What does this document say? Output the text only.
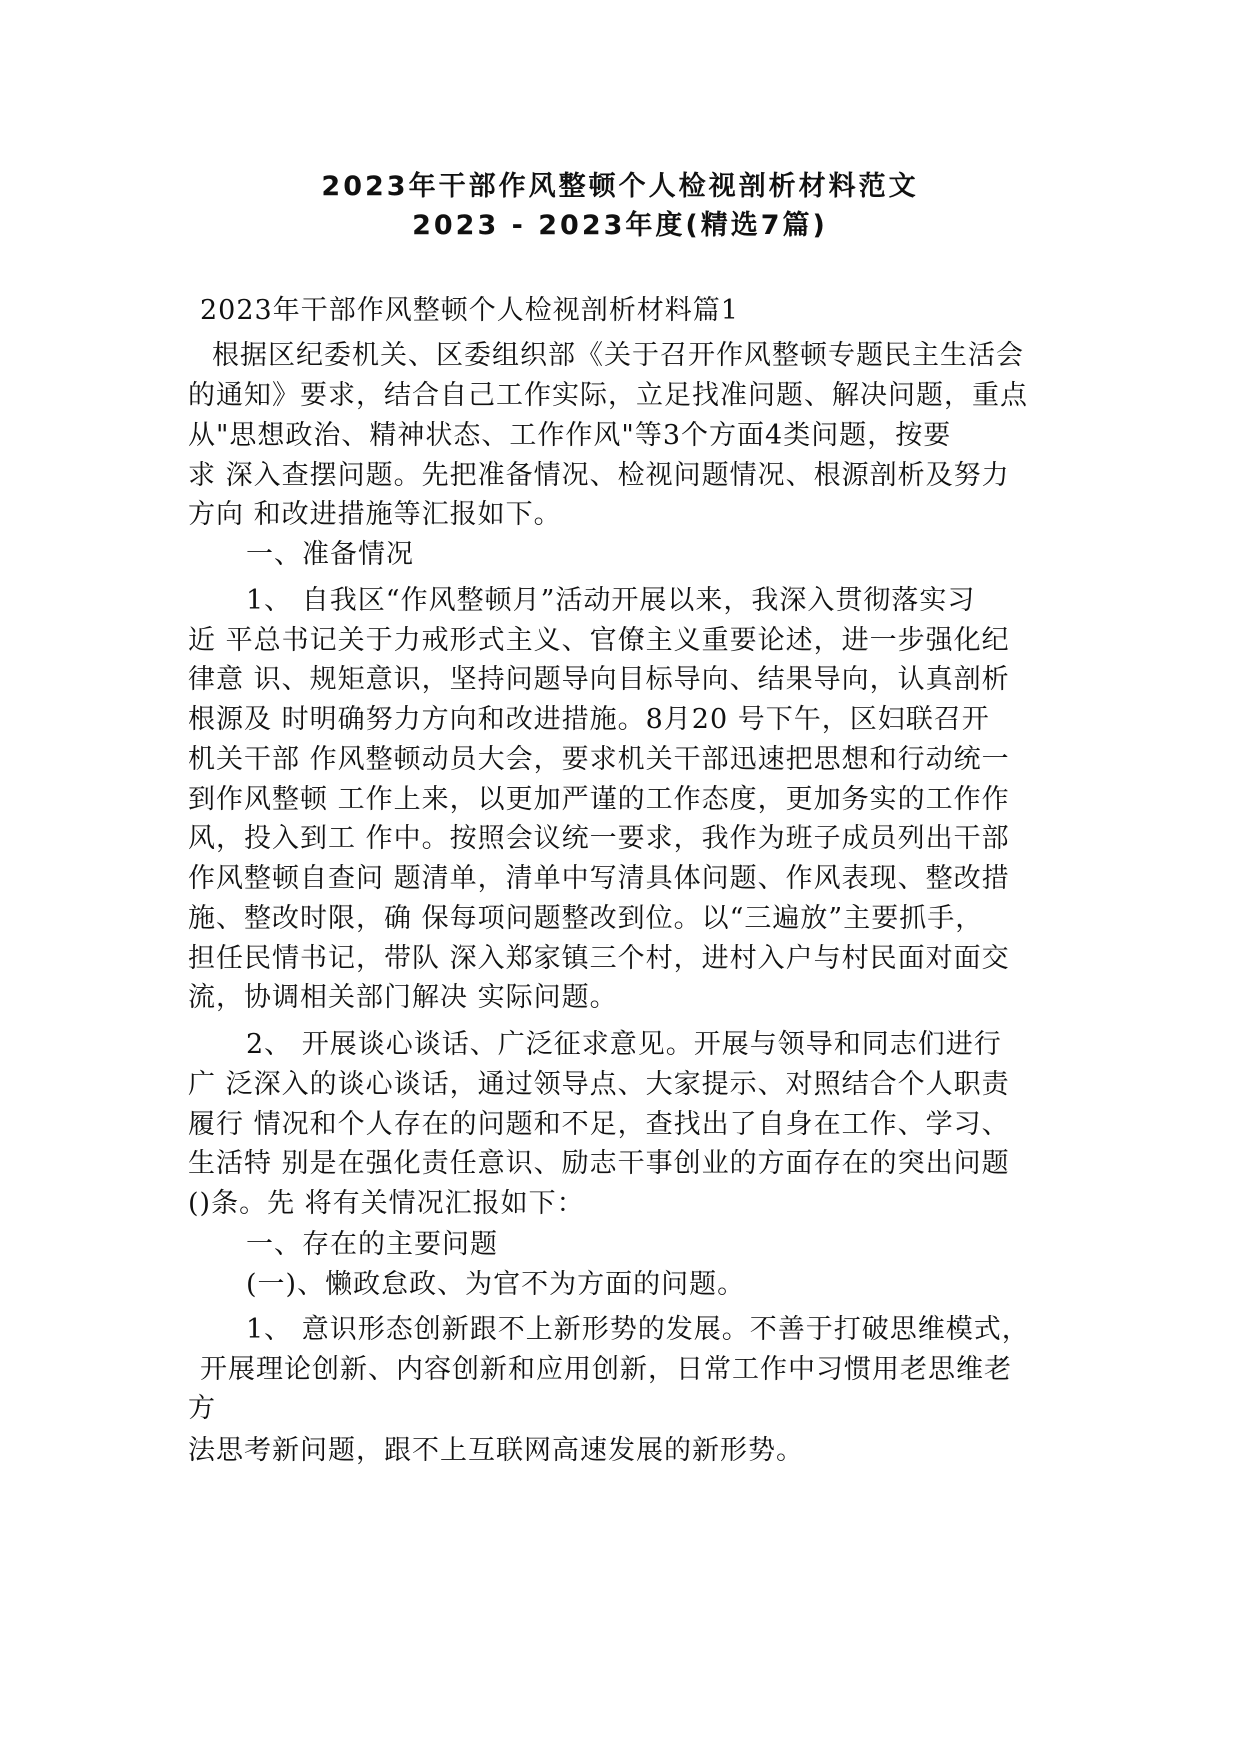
2023年干部作风整顿个人检视剖析材料范文
2023 - 2023年度(精选7篇)
2023年干部作风整顿个人检视剖析材料篇1
根据区纪委机关、区委组织部《关于召开作风整顿专题民主生活会
的通知》要求，结合自己工作实际，立足找准问题、解决问题，重点
从"思想政治、精神状态、工作作风"等3个方面4类问题，按要
求 深入查摆问题。先把准备情况、检视问题情况、根源剖析及努力
方向 和改进措施等汇报如下。
一、准备情况
1、 自我区“作风整顿月”活动开展以来，我深入贯彻落实习
近 平总书记关于力戒形式主义、官僚主义重要论述，进一步强化纪
律意 识、规矩意识，坚持问题导向目标导向、结果导向，认真剖析
根源及 时明确努力方向和改进措施。8月20 号下午，区妇联召开
机关干部 作风整顿动员大会，要求机关干部迅速把思想和行动统一
到作风整顿 工作上来，以更加严谨的工作态度，更加务实的工作作
风，投入到工 作中。按照会议统一要求，我作为班子成员列出干部
作风整顿自查问 题清单，清单中写清具体问题、作风表现、整改措
施、整改时限，确 保每项问题整改到位。以“三遍放”主要抓手，
担任民情书记，带队 深入郑家镇三个村，进村入户与村民面对面交
流，协调相关部门解决 实际问题。
2、 开展谈心谈话、广泛征求意见。开展与领导和同志们进行
广 泛深入的谈心谈话，通过领导点、大家提示、对照结合个人职责
履行 情况和个人存在的问题和不足，查找出了自身在工作、学习、
生活特 别是在强化责任意识、励志干事创业的方面存在的突出问题
()条。先 将有关情况汇报如下：
一、存在的主要问题
(一)、懒政怠政、为官不为方面的问题。
1、 意识形态创新跟不上新形势的发展。不善于打破思维模式，
开展理论创新、内容创新和应用创新，日常工作中习惯用老思维老
方
法思考新问题，跟不上互联网高速发展的新形势。
